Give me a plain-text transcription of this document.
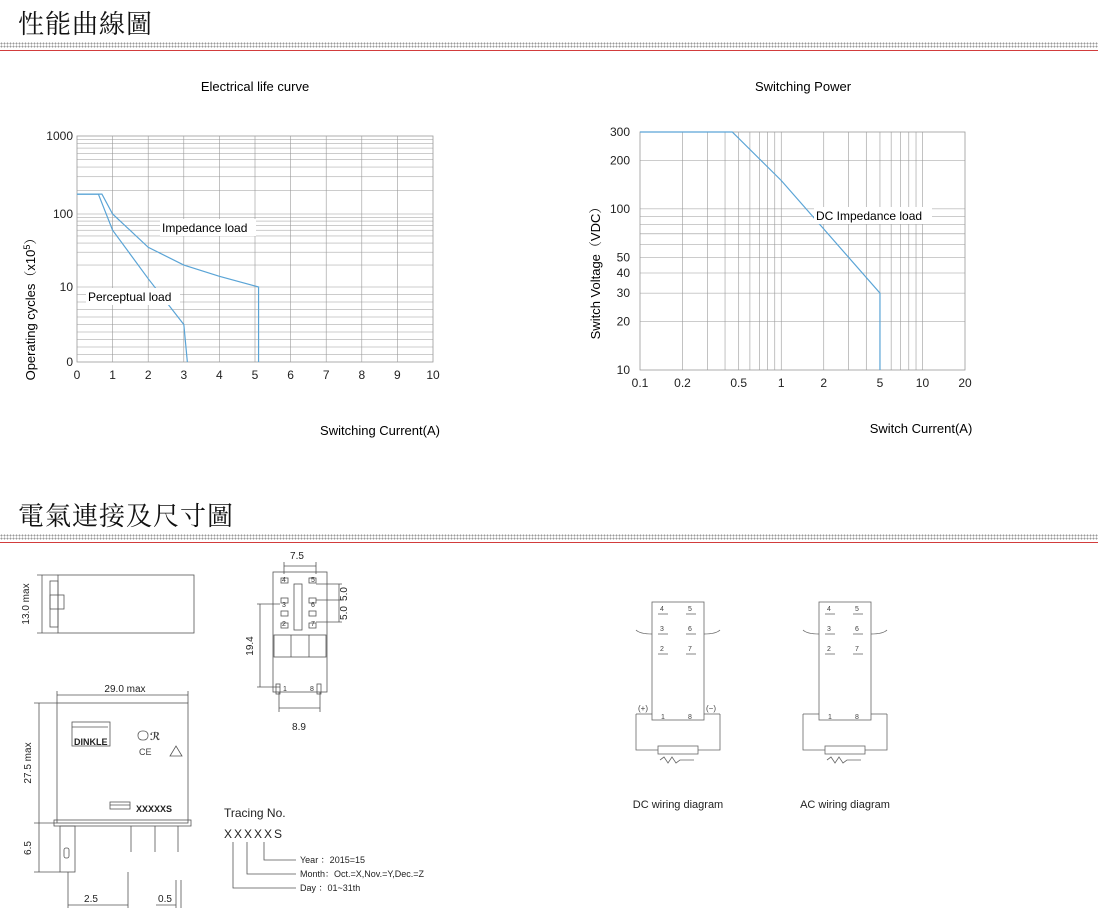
性能曲線圖
電氣連接及尺寸圖
Electrical life curve
0 1 2 3 4 5 6 7 8 9 10
0
10
100
1000
Impedance load
Perceptual load
Operating $cycles(x10^5)$
Switching Current(A)
Switching Power
0.1 0.2	0.5	1	2	5	10 20
10
20
30
40
50
100
200
300
DC Impedance load
Switch Voltage（VDC）
Switch Current(A)
13.0 max
4	5
3	6
2	7
1	8
7.5
5.0
5.0
19.4
8.9
CE
ℛ
DINKLE
XXXXXS
29.0 max
27.5 max
6.5
2.5	0.5
Tracing No.
XXXXXS
Year ：2015=15
Month：Oct.=X,Nov.=Y,Dec.=Z
Day ：01~31th
4	5
3	6
2	7
1	8
(+)	(−)
4	5
3	6
2	7
1	8
DC wiring diagram	AC wiring diagram
